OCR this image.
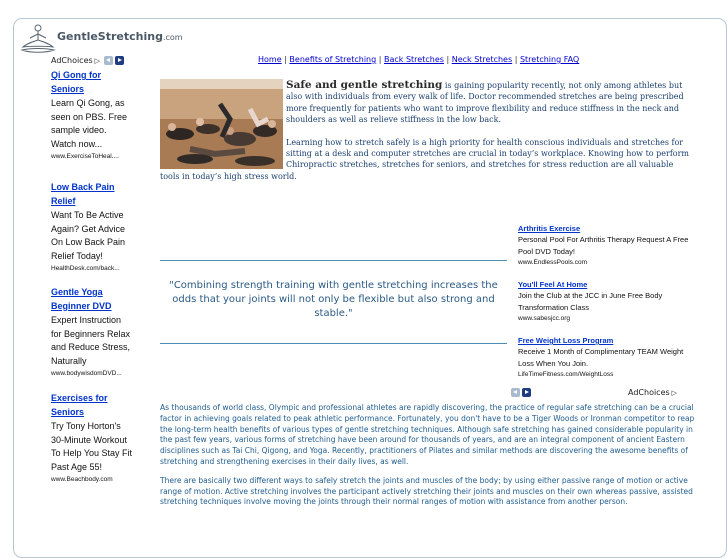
GentleStretching.com
AdChoices ▷
Qi Gong for Seniors
Learn Qi Gong, as seen on PBS. Free sample video. Watch now...
www.ExerciseToHeal....
Low Back Pain Relief
Want To Be Active Again? Get Advice On Low Back Pain Relief Today!
HealthDesk.com/back...
Gentle Yoga Beginner DVD
Expert Instruction for Beginners Relax and Reduce Stress, Naturally
www.bodywisdomDVD...
Exercises for Seniors
Try Tony Horton's 30-Minute Workout To Help You Stay Fit Past Age 55!
www.Beachbody.com
Home | Benefits of Stretching | Back Stretches | Neck Stretches | Stretching FAQ

Safe and gentle stretching is gaining popularity recently, not only among athletes but also with individuals from every walk of life. Doctor recommended stretches are being prescribed more frequently for patients who want to improve flexibility and reduce stiffness in the neck and shoulders as well as relieve stiffness in the low back.

Learning how to stretch safely is a high priority for health conscious individuals and stretches for sitting at a desk and computer stretches are crucial in today’s workplace. Knowing how to perform Chiropractic stretches, stretches for seniors, and stretches for stress reduction are all valuable tools in today’s high stress world.

"Combining strength training with gentle stretching increases the odds that your joints will not only be flexible but also strong and stable."
Arthritis Exercise
Personal Pool For Arthritis Therapy Request A Free Pool DVD Today!
www.EndlessPools.com
You'll Feel At Home
Join the Club at the JCC in June Free Body Transformation Class
www.sabesjcc.org
Free Weight Loss Program
Receive 1 Month of Complimentary TEAM Weight Loss When You Join.
LifeTimeFitness.com/WeightLoss
AdChoices ▷

As thousands of world class, Olympic and professional athletes are rapidly discovering, the practice of regular safe stretching can be a crucial factor in achieving goals related to peak athletic performance. Fortunately, you don't have to be a Tiger Woods or Ironman competitor to reap the long-term health benefits of various types of gentle stretching techniques. Although safe stretching has gained considerable popularity in the past few years, various forms of stretching have been around for thousands of years, and are an integral component of ancient Eastern disciplines such as Tai Chi, Qigong, and Yoga. Recently, practitioners of Pilates and similar methods are discovering the awesome benefits of stretching and strengthening exercises in their daily lives, as well.

There are basically two different ways to safely stretch the joints and muscles of the body; by using either passive range of motion or active range of motion. Active stretching involves the participant actively stretching their joints and muscles on their own whereas passive, assisted stretching techniques involve moving the joints through their normal ranges of motion with assistance from another person.
